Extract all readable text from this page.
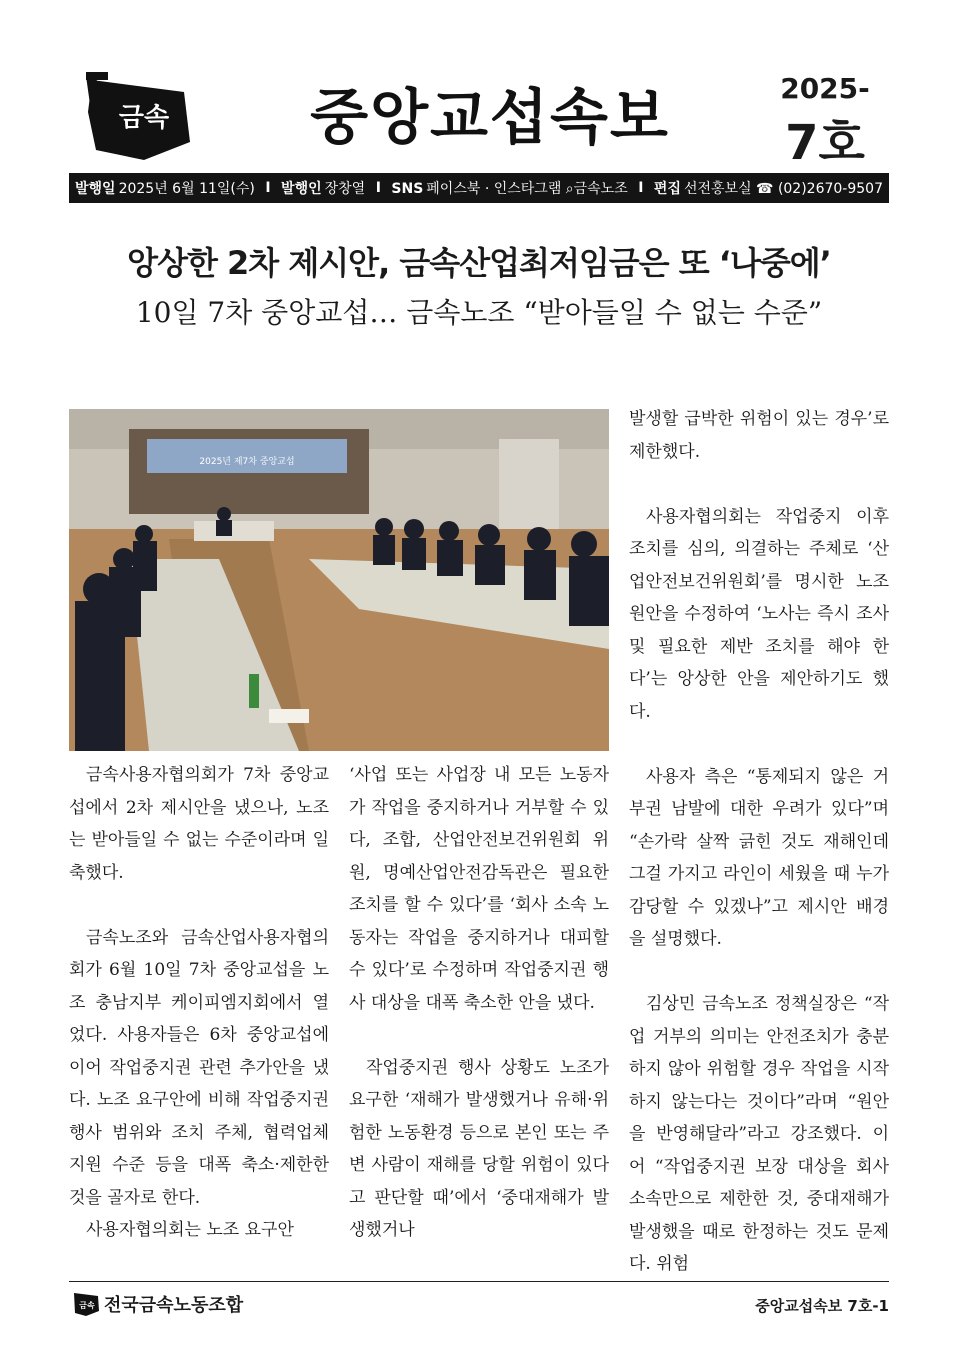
금속 중앙교섭속보	2025-
7호
발행일 2025년 6월 11일(수) I 발행인 장창열 I SNS 페이스북 · 인스타그램 ⌕금속노조 I 편집 선전홍보실 ☎ (02)2670-9507
앙상한 2차 제시안, 금속산업최저임금은 또 ‘나중에’
10일 7차 중앙교섭… 금속노조 “받아들일 수 없는 수준”
2025년 제7차 중앙교섭

금속사용자협의회가 7차 중앙교섭에서 2차 제시안을 냈으나, 노조는 받아들일 수 없는 수준이라며 일축했다.

금속노조와 금속산업사용자협의회가 6월 10일 7차 중앙교섭을 노조 충남지부 케이피엠지회에서 열었다. 사용자들은 6차 중앙교섭에 이어 작업중지권 관련 추가안을 냈다. 노조 요구안에 비해 작업중지권 행사 범위와 조치 주체, 협력업체 지원 수준 등을 대폭 축소·제한한 것을 골자로 한다.

사용자협의회는 노조 요구안

‘사업 또는 사업장 내 모든 노동자가 작업을 중지하거나 거부할 수 있다, 조합, 산업안전보건위원회 위원, 명예산업안전감독관은 필요한 조치를 할 수 있다’를 ‘회사 소속 노동자는 작업을 중지하거나 대피할 수 있다’로 수정하며 작업중지권 행사 대상을 대폭 축소한 안을 냈다.

작업중지권 행사 상황도 노조가 요구한 ‘재해가 발생했거나 유해·위험한 노동환경 등으로 본인 또는 주변 사람이 재해를 당할 위험이 있다고 판단할 때’에서 ‘중대재해가 발생했거나

발생할 급박한 위험이 있는 경우’로 제한했다.

사용자협의회는 작업중지 이후 조치를 심의, 의결하는 주체로 ‘산업안전보건위원회’를 명시한 노조 원안을 수정하여 ‘노사는 즉시 조사 및 필요한 제반 조치를 해야 한다’는 앙상한 안을 제안하기도 했다.

사용자 측은 “통제되지 않은 거부권 남발에 대한 우려가 있다”며 “손가락 살짝 긁힌 것도 재해인데 그걸 가지고 라인이 세웠을 때 누가 감당할 수 있겠나”고 제시안 배경을 설명했다.

김상민 금속노조 정책실장은 “작업 거부의 의미는 안전조치가 충분하지 않아 위험할 경우 작업을 시작하지 않는다는 것이다”라며 “원안을 반영해달라”라고 강조했다. 이어 “작업중지권 보장 대상을 회사 소속만으로 제한한 것, 중대재해가 발생했을 때로 한정하는 것도 문제다. 위험

금속 전국금속노동조합	중앙교섭속보 7호-1
